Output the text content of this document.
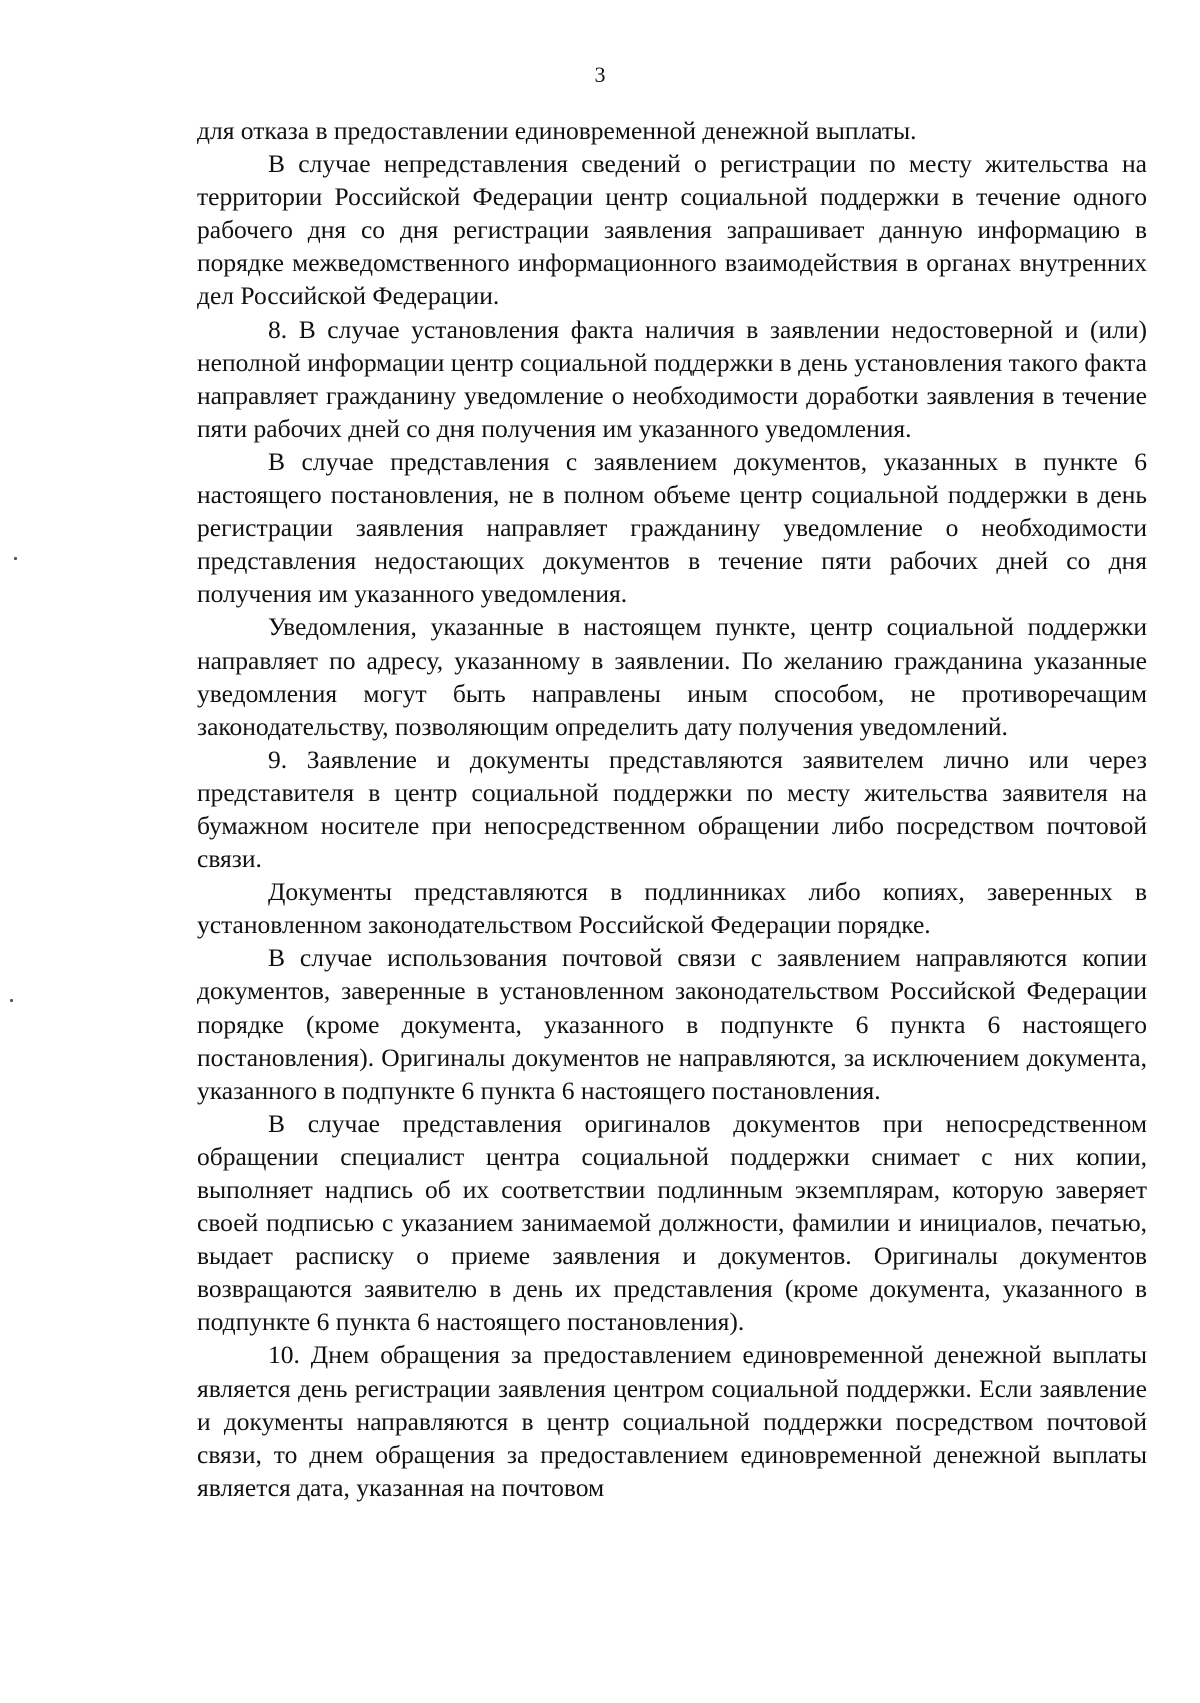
3

для отказа в предоставлении единовременной денежной выплаты.

В случае непредставления сведений о регистрации по месту жительства на территории Российской Федерации центр социальной поддержки в течение одного рабочего дня со дня регистрации заявления запрашивает данную информацию в порядке межведомственного информационного взаимодействия в органах внутренних дел Российской Федерации.

8. В случае установления факта наличия в заявлении недостоверной и (или) неполной информации центр социальной поддержки в день установления такого факта направляет гражданину уведомление о необходимости доработки заявления в течение пяти рабочих дней со дня получения им указанного уведомления.

В случае представления с заявлением документов, указанных в пункте 6 настоящего постановления, не в полном объеме центр социальной поддержки в день регистрации заявления направляет гражданину уведомление о необходимости представления недостающих документов в течение пяти рабочих дней со дня получения им указанного уведомления.

Уведомления, указанные в настоящем пункте, центр социальной поддержки направляет по адресу, указанному в заявлении. По желанию гражданина указанные уведомления могут быть направлены иным способом, не противоречащим законодательству, позволяющим определить дату получения уведомлений.

9. Заявление и документы представляются заявителем лично или через представителя в центр социальной поддержки по месту жительства заявителя на бумажном носителе при непосредственном обращении либо посредством почтовой связи.

Документы представляются в подлинниках либо копиях, заверенных в установленном законодательством Российской Федерации порядке.

В случае использования почтовой связи с заявлением направляются копии документов, заверенные в установленном законодательством Российской Федерации порядке (кроме документа, указанного в подпункте 6 пункта 6 настоящего постановления). Оригиналы документов не направляются, за исключением документа, указанного в подпункте 6 пункта 6 настоящего постановления.

В случае представления оригиналов документов при непосредственном обращении специалист центра социальной поддержки снимает с них копии, выполняет надпись об их соответствии подлинным экземплярам, которую заверяет своей подписью с указанием занимаемой должности, фамилии и инициалов, печатью, выдает расписку о приеме заявления и документов. Оригиналы документов возвращаются заявителю в день их представления (кроме документа, указанного в подпункте 6 пункта 6 настоящего постановления).

10. Днем обращения за предоставлением единовременной денежной выплаты является день регистрации заявления центром социальной поддержки. Если заявление и документы направляются в центр социальной поддержки посредством почтовой связи, то днем обращения за предоставлением единовременной денежной выплаты является дата, указанная на почтовом
